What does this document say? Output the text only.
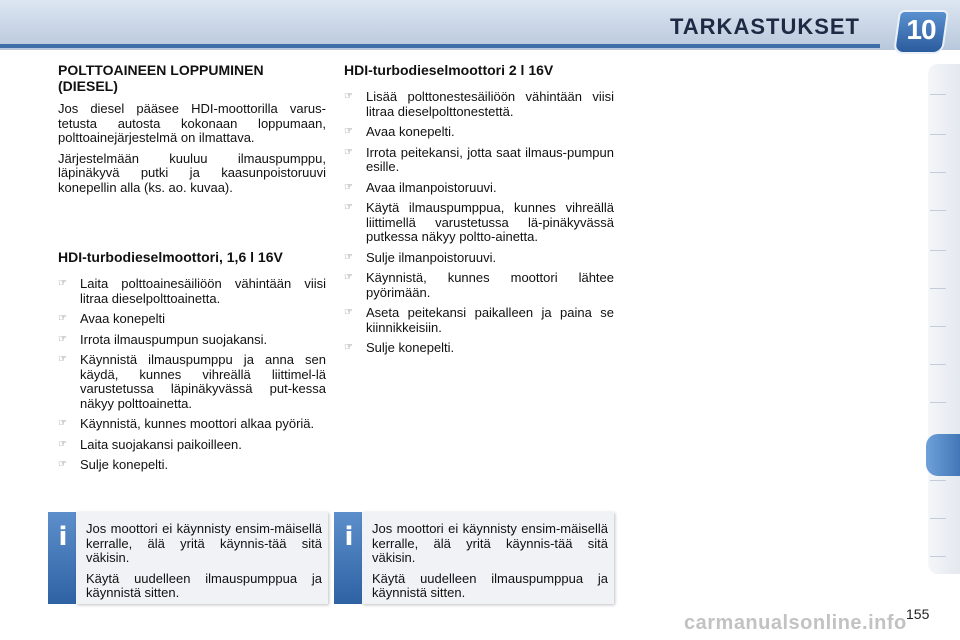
TARKASTUKSET	10
POLTTOAINEEN LOPPUMINEN (DIESEL)

Jos diesel pääsee HDI-moottorilla varus-tetusta autosta kokonaan loppumaan, polttoainejärjestelmä on ilmattava.

Järjestelmään kuuluu ilmauspumppu, läpinäkyvä putki ja kaasunpoistoruuvi konepellin alla (ks. ao. kuvaa).

HDI-turbodieselmoottori, 1,6 l 16V
☞ Laita polttoainesäiliöön vähintään viisi litraa dieselpolttoainetta.
☞ Avaa konepelti
☞ Irrota ilmauspumpun suojakansi.
☞ Käynnistä ilmauspumppu ja anna sen käydä, kunnes vihreällä liittimel-lä varustetussa läpinäkyvässä put-kessa näkyy polttoainetta.
☞ Käynnistä, kunnes moottori alkaa pyöriä.
☞ Laita suojakansi paikoilleen.
☞ Sulje konepelti.
HDI-turbodieselmoottori 2 l 16V
☞ Lisää polttonestesäiliöön vähintään viisi litraa dieselpolttonestettä.
☞ Avaa konepelti.
☞ Irrota peitekansi, jotta saat ilmaus-pumpun esille.
☞ Avaa ilmanpoistoruuvi.
☞ Käytä ilmauspumppua, kunnes vihreällä liittimellä varustetussa lä-pinäkyvässä putkessa näkyy poltto-ainetta.
☞ Sulje ilmanpoistoruuvi.
☞ Käynnistä, kunnes moottori lähtee pyörimään.
☞ Aseta peitekansi paikalleen ja paina se kiinnikkeisiin.
☞ Sulje konepelti.
i	Jos moottori ei käynnisty ensim-mäisellä kerralle, älä yritä käynnis-tää sitä väkisin.

Käytä uudelleen ilmauspumppua ja käynnistä sitten.

i	Jos moottori ei käynnisty ensim-mäisellä kerralle, älä yritä käynnis-tää sitä väkisin.

Käytä uudelleen ilmauspumppua ja käynnistä sitten.

carmanualsonline.info 155
